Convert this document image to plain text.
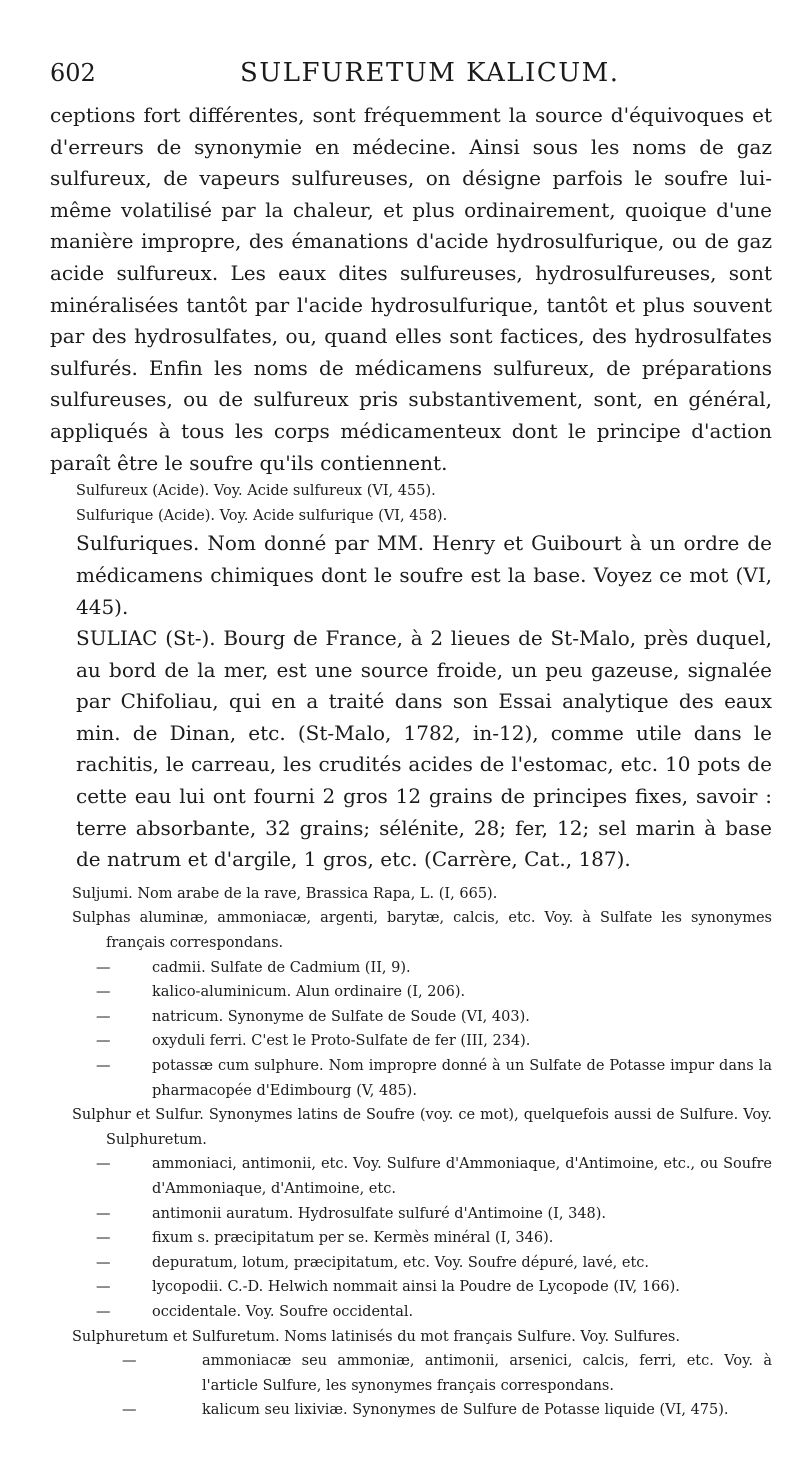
602	SULFURETUM KALICUM.

ceptions fort différentes, sont fréquemment la source d'équivoques et d'erreurs de synonymie en médecine. Ainsi sous les noms de gaz sulfureux, de vapeurs sulfureuses, on désigne parfois le soufre lui-même volatilisé par la chaleur, et plus ordinairement, quoique d'une manière impropre, des émanations d'acide hydrosulfurique, ou de gaz acide sulfureux. Les eaux dites sulfureuses, hydrosulfureuses, sont minéralisées tantôt par l'acide hydrosulfurique, tantôt et plus souvent par des hydrosulfates, ou, quand elles sont factices, des hydrosulfates sulfurés. Enfin les noms de médicamens sulfureux, de préparations sulfureuses, ou de sulfureux pris substantivement, sont, en général, appliqués à tous les corps médicamenteux dont le principe d'action paraît être le soufre qu'ils contiennent.

Sulfureux (Acide). Voy. Acide sulfureux (VI, 455).

Sulfurique (Acide). Voy. Acide sulfurique (VI, 458).

Sulfuriques. Nom donné par MM. Henry et Guibourt à un ordre de médicamens chimiques dont le soufre est la base. Voyez ce mot (VI, 445).

SULIAC (St-). Bourg de France, à 2 lieues de St-Malo, près duquel, au bord de la mer, est une source froide, un peu gazeuse, signalée par Chifoliau, qui en a traité dans son Essai analytique des eaux min. de Dinan, etc. (St-Malo, 1782, in-12), comme utile dans le rachitis, le carreau, les crudités acides de l'estomac, etc. 10 pots de cette eau lui ont fourni 2 gros 12 grains de principes fixes, savoir : terre absorbante, 32 grains; sélénite, 28; fer, 12; sel marin à base de natrum et d'argile, 1 gros, etc. (Carrère, Cat., 187).

Suljumi. Nom arabe de la rave, Brassica Rapa, L. (I, 665).

Sulphas aluminæ, ammoniacæ, argenti, barytæ, calcis, etc. Voy. à Sulfate les synonymes français correspondans.

—	cadmii. Sulfate de Cadmium (II, 9).

—	kalico-aluminicum. Alun ordinaire (I, 206).

—	natricum. Synonyme de Sulfate de Soude (VI, 403).

—	oxyduli ferri. C'est le Proto-Sulfate de fer (III, 234).

—	potassæ cum sulphure. Nom impropre donné à un Sulfate de Potasse impur dans la pharmacopée d'Edimbourg (V, 485).

Sulphur et Sulfur. Synonymes latins de Soufre (voy. ce mot), quelquefois aussi de Sulfure. Voy. Sulphuretum.

—	ammoniaci, antimonii, etc. Voy. Sulfure d'Ammoniaque, d'Antimoine, etc., ou Soufre d'Ammoniaque, d'Antimoine, etc.

—	antimonii auratum. Hydrosulfate sulfuré d'Antimoine (I, 348).

—	fixum s. præcipitatum per se. Kermès minéral (I, 346).

—	depuratum, lotum, præcipitatum, etc. Voy. Soufre dépuré, lavé, etc.

—	lycopodii. C.-D. Helwich nommait ainsi la Poudre de Lycopode (IV, 166).

—	occidentale. Voy. Soufre occidental.

Sulphuretum et Sulfuretum. Noms latinisés du mot français Sulfure. Voy. Sulfures.

—	ammoniacæ seu ammoniæ, antimonii, arsenici, calcis, ferri, etc. Voy. à l'article Sulfure, les synonymes français correspondans.

—	kalicum seu lixiviæ. Synonymes de Sulfure de Potasse liquide (VI, 475).
